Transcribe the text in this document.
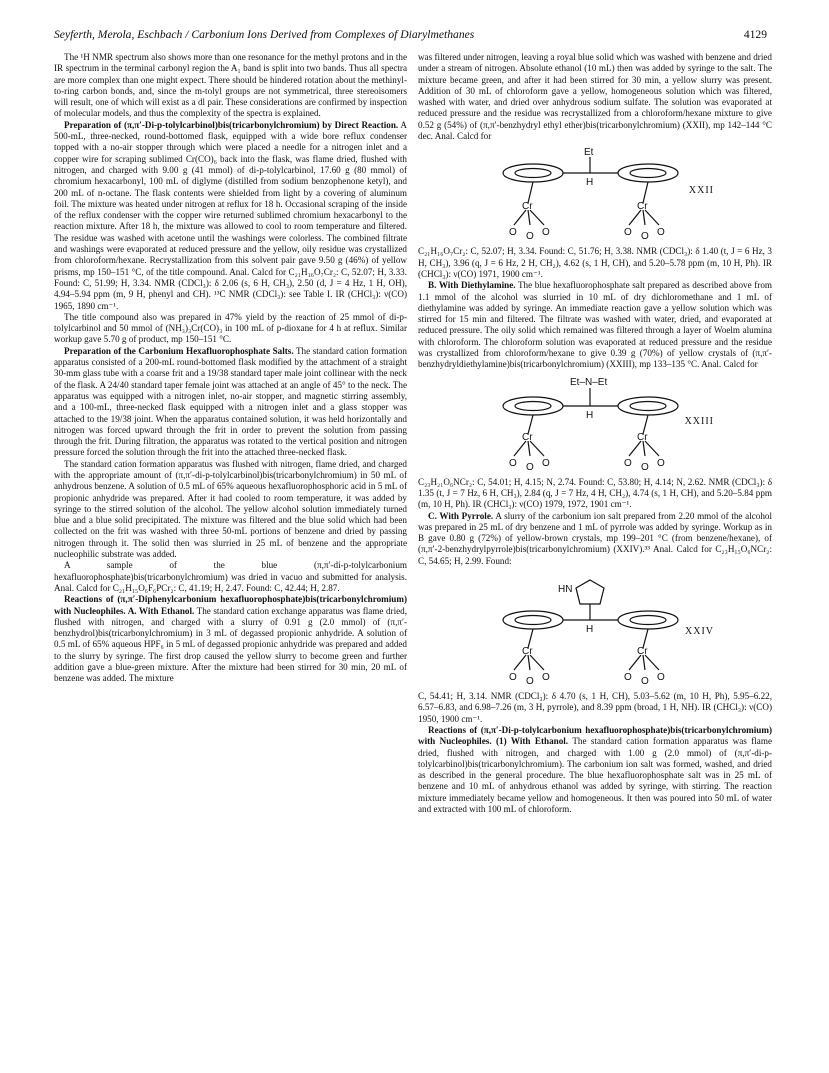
Seyferth, Merola, Eschbach / Carbonium Ions Derived from Complexes of Diarylmethanes	4129

The ¹H NMR spectrum also shows more than one resonance for the methyl protons and in the IR spectrum in the terminal carbonyl region the A₁ band is split into two bands. Thus all spectra are more complex than one might expect. There should be hindered rotation about the methinyl-to-ring carbon bonds, and, since the m-tolyl groups are not symmetrical, three stereoisomers will result, one of which will exist as a dl pair. These considerations are confirmed by inspection of molecular models, and thus the complexity of the spectra is explained.

Preparation of (π,π′-Di-p-tolylcarbinol)bis(tricarbonylchromium) by Direct Reaction. A 500-mL, three-necked, round-bottomed flask, equipped with a wide bore reflux condenser topped with a no-air stopper through which were placed a needle for a nitrogen inlet and a copper wire for scraping sublimed Cr(CO)₆ back into the flask, was flame dried, flushed with nitrogen, and charged with 9.00 g (41 mmol) of di-p-tolylcarbinol, 17.60 g (80 mmol) of chromium hexacarbonyl, 100 mL of diglyme (distilled from sodium benzophenone ketyl), and 200 mL of n-octane. The flask contents were shielded from light by a covering of aluminum foil. The mixture was heated under nitrogen at reflux for 18 h. Occasional scraping of the inside of the reflux condenser with the copper wire returned sublimed chromium hexacarbonyl to the reaction mixture. After 18 h, the mixture was allowed to cool to room temperature and filtered. The residue was washed with acetone until the washings were colorless. The combined filtrate and washings were evaporated at reduced pressure and the yellow, oily residue was crystallized from chloroform/hexane. Recrystallization from this solvent pair gave 9.50 g (46%) of yellow prisms, mp 150–151 °C, of the title compound. Anal. Calcd for C₂₁H₁₆O₇Cr₂: C, 52.07; H, 3.33. Found: C, 51.99; H, 3.34. NMR (CDCl₃): δ 2.06 (s, 6 H, CH₃), 2.50 (d, J = 4 Hz, 1 H, OH), 4.94–5.94 ppm (m, 9 H, phenyl and CH). ¹³C NMR (CDCl₃): see Table I. IR (CHCl₃): ν(CO) 1965, 1890 cm⁻¹.

The title compound also was prepared in 47% yield by the reaction of 25 mmol of di-p-tolylcarbinol and 50 mmol of (NH₃)₃Cr(CO)₃ in 100 mL of p-dioxane for 4 h at reflux. Similar workup gave 5.70 g of product, mp 150–151 °C.

Preparation of the Carbonium Hexafluorophosphate Salts. The standard cation formation apparatus consisted of a 200-mL round-bottomed flask modified by the attachment of a straight 30-mm glass tube with a coarse frit and a 19/38 standard taper male joint collinear with the neck of the flask. A 24/40 standard taper female joint was attached at an angle of 45° to the neck. The apparatus was equipped with a nitrogen inlet, no-air stopper, and magnetic stirring assembly, and a 100-mL, three-necked flask equipped with a nitrogen inlet and a glass stopper was attached to the 19/38 joint. When the apparatus contained solution, it was held horizontally and nitrogen was forced upward through the frit in order to prevent the solution from passing through the frit. During filtration, the apparatus was rotated to the vertical position and nitrogen pressure forced the solution through the frit into the attached three-necked flask.

The standard cation formation apparatus was flushed with nitrogen, flame dried, and charged with the appropriate amount of (π,π′-di-p-tolylcarbinol)bis(tricarbonylchromium) in 50 mL of anhydrous benzene. A solution of 0.5 mL of 65% aqueous hexafluorophosphoric acid in 5 mL of propionic anhydride was prepared. After it had cooled to room temperature, it was added by syringe to the stirred solution of the alcohol. The yellow alcohol solution immediately turned blue and a blue solid precipitated. The mixture was filtered and the blue solid which had been collected on the frit was washed with three 50-mL portions of benzene and dried by passing nitrogen through it. The solid then was slurried in 25 mL of benzene and the appropriate nucleophilic substrate was added.

A sample of the blue (π,π′-di-p-tolylcarbonium hexafluorophosphate)bis(tricarbonylchromium) was dried in vacuo and submitted for analysis. Anal. Calcd for C₂₁H₁₅O₆F₆PCr₂: C, 41.19; H, 2.47. Found: C, 42.44; H, 2.87.

Reactions of (π,π′-Diphenylcarbonium hexafluorophosphate)bis(tricarbonylchromium) with Nucleophiles. A. With Ethanol. The standard cation exchange apparatus was flame dried, flushed with nitrogen, and charged with a slurry of 0.91 g (2.0 mmol) of (π,π′-benzhydrol)bis(tricarbonylchromium) in 3 mL of degassed propionic anhydride. A solution of 0.5 mL of 65% aqueous HPF₆ in 5 mL of degassed propionic anhydride was prepared and added to the slurry by syringe. The first drop caused the yellow slurry to become green and further addition gave a blue-green mixture. After the mixture had been stirred for 30 min, 20 mL of benzene was added. The mixture

was filtered under nitrogen, leaving a royal blue solid which was washed with benzene and dried under a stream of nitrogen. Absolute ethanol (10 mL) then was added by syringe to the salt. The mixture became green, and after it had been stirred for 30 min, a yellow slurry was present. Addition of 30 mL of chloroform gave a yellow, homogeneous solution which was filtered, washed with water, and dried over anhydrous sodium sulfate. The solution was evaporated at reduced pressure and the residue was recrystallized from a chloroform/hexane mixture to give 0.52 g (54%) of (π,π′-benzhydryl ethyl ether)bis(tricarbonylchromium) (XXII), mp 142–144 °C dec. Anal. Calcd for

Et
H
Cr	Cr
O O O	O O O
XXII

C₂₁H₁₆O₇Cr₂: C, 52.07; H, 3.34. Found: C, 51.76; H, 3.38. NMR (CDCl₃): δ 1.40 (t, J = 6 Hz, 3 H, CH₃), 3.96 (q, J = 6 Hz, 2 H, CH₂), 4.62 (s, 1 H, CH), and 5.20–5.78 ppm (m, 10 H, Ph). IR (CHCl₃): ν(CO) 1971, 1900 cm⁻¹.

B. With Diethylamine. The blue hexafluorophosphate salt prepared as described above from 1.1 mmol of the alcohol was slurried in 10 mL of dry dichloromethane and 1 mL of diethylamine was added by syringe. An immediate reaction gave a yellow solution which was stirred for 15 min and filtered. The filtrate was washed with water, dried, and evaporated at reduced pressure. The oily solid which remained was filtered through a layer of Woelm alumina with chloroform. The chloroform solution was evaporated at reduced pressure and the residue was crystallized from chloroform/hexane to give 0.39 g (70%) of yellow crystals of (π,π′-benzhydryldiethylamine)bis(tricarbonylchromium) (XXIII), mp 133–135 °C. Anal. Calcd for

Et–N–Et
H
Cr	Cr
O O O	O O O
XXIII

C₂₃H₂₁O₆NCr₂: C, 54.01; H, 4.15; N, 2.74. Found: C, 53.80; H, 4.14; N, 2.62. NMR (CDCl₃): δ 1.35 (t, J = 7 Hz, 6 H, CH₃), 2.84 (q, J = 7 Hz, 4 H, CH₂), 4.74 (s, 1 H, CH), and 5.20–5.84 ppm (m, 10 H, Ph). IR (CHCl₃): ν(CO) 1979, 1972, 1901 cm⁻¹.

C. With Pyrrole. A slurry of the carbonium ion salt prepared from 2.20 mmol of the alcohol was prepared in 25 mL of dry benzene and 1 mL of pyrrole was added by syringe. Workup as in B gave 0.80 g (72%) of yellow-brown crystals, mp 199–201 °C (from benzene/hexane), of (π,π′-2-benzhydrylpyrrole)bis(tricarbonylchromium) (XXIV).³³ Anal. Calcd for C₂₃H₁₅O₆NCr₂: C, 54.65; H, 2.99. Found:

HN
H
Cr	Cr
O O O	O O O
XXIV

C, 54.41; H, 3.14. NMR (CDCl₃): δ 4.70 (s, 1 H, CH), 5.03–5.62 (m, 10 H, Ph), 5.95–6.22, 6.57–6.83, and 6.98–7.26 (m, 3 H, pyrrole), and 8.39 ppm (broad, 1 H, NH). IR (CHCl₃): ν(CO) 1950, 1900 cm⁻¹.

Reactions of (π,π′-Di-p-tolylcarbonium hexafluorophosphate)bis(tricarbonylchromium) with Nucleophiles. (1) With Ethanol. The standard cation formation apparatus was flame dried, flushed with nitrogen, and charged with 1.00 g (2.0 mmol) of (π,π′-di-p-tolylcarbinol)bis(tricarbonylchromium). The carbonium ion salt was formed, washed, and dried as described in the general procedure. The blue hexafluorophosphate salt was in 25 mL of benzene and 10 mL of anhydrous ethanol was added by syringe, with stirring. The reaction mixture immediately became yellow and homogeneous. It then was poured into 50 mL of water and extracted with 100 mL of chloroform.
